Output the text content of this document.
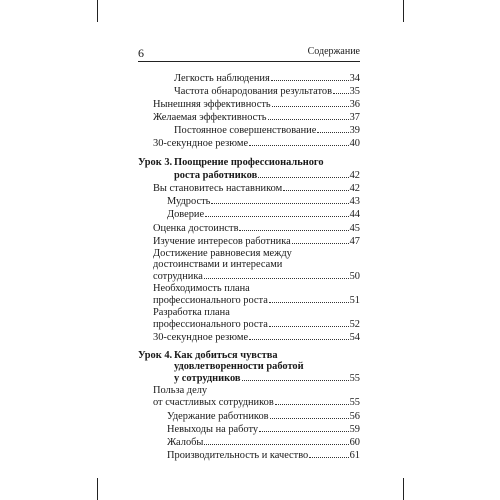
6	Содержание
Легкость наблюдения	34
Частота обнародования результатов 35
Нынешняя эффективность	36
Желаемая эффективность	37
Постоянное совершенствование	39
30-секундное резюме	40
Урок 3. Поощрение профессионального
роста работников	42
Вы становитесь наставником	42
Мудрость	43
Доверие	44
Оценка достоинств	45
Изучение интересов работника	47
Достижение равновесия между
достоинствами и интересами
сотрудника	50
Необходимость плана
профессионального роста	51
Разработка плана
профессионального роста	52
30-секундное резюме	54
Урок 4. Как добиться чувства
удовлетворенности работой
у сотрудников	55
Польза делу
от счастливых сотрудников	55
Удержание работников	56
Невыходы на работу	59
Жалобы	60
Производительность и качество	61
